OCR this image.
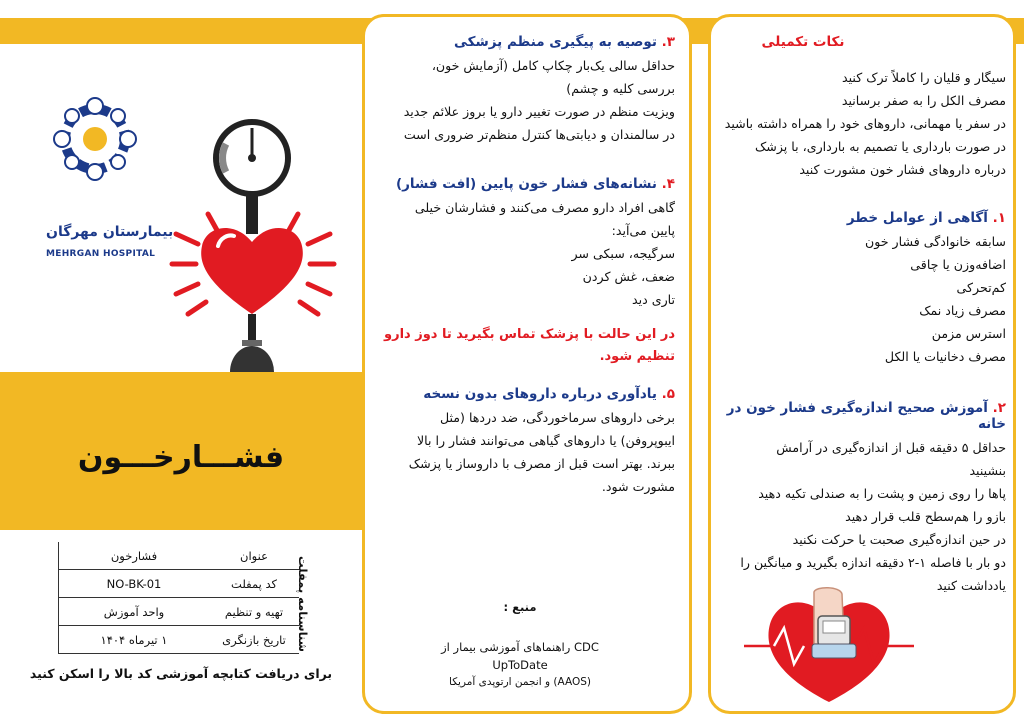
بیمارستان مهرگان
MEHRGAN HOSPITAL
فشـــارخـــون
شناسنامه پمفلت
عنوان	فشارخون
کد پمفلت	NO-BK-01
تهیه و تنظیم	واحد آموزش
تاریخ بازنگری	۱ تیرماه ۱۴۰۴
برای دریافت کتابچه آموزشی کد بالا را اسکن کنید

۳. توصیه به پیگیری منظم پزشکی

حداقل سالی یک‌بار چکاپ کامل (آزمایش خون،

بررسی کلیه و چشم)

ویزیت منظم در صورت تغییر دارو یا بروز علائم جدید

در سالمندان و دیابتی‌ها کنترل منظم‌تر ضروری است

۴. نشانه‌های فشار خون پایین (افت فشار)

گاهی افراد دارو مصرف می‌کنند و فشارشان خیلی

پایین می‌آید:

سرگیجه، سبکی سر

ضعف، غش کردن

تاری دید

در این حالت با پزشک تماس بگیرید تا دوز دارو تنظیم شود.

۵. یادآوری درباره داروهای بدون نسخه

برخی داروهای سرماخوردگی، ضد دردها (مثل

ایبوپروفن) یا داروهای گیاهی می‌توانند فشار را بالا

ببرند. بهتر است قبل از مصرف با داروساز یا پزشک

مشورت شود.

منبع :
راهنماهای آموزشی بیمار از CDC
UpToDate
و انجمن ارتوپدی آمریکا (AAOS)

نکات تکمیلی

سیگار و قلیان را کاملاً ترک کنید

مصرف الکل را به صفر برسانید

در سفر یا مهمانی، داروهای خود را همراه داشته باشید

در صورت بارداری یا تصمیم به بارداری، با پزشک

درباره داروهای فشار خون مشورت کنید

۱. آگاهی از عوامل خطر

سابقه خانوادگی فشار خون

اضافه‌وزن یا چاقی

کم‌تحرکی

مصرف زیاد نمک

استرس مزمن

مصرف دخانیات یا الکل

۲. آموزش صحیح اندازه‌گیری فشار خون در خانه

حداقل ۵ دقیقه قبل از اندازه‌گیری در آرامش

بنشینید

پاها را روی زمین و پشت را به صندلی تکیه دهید

بازو را هم‌سطح قلب قرار دهید

در حین اندازه‌گیری صحبت یا حرکت نکنید

دو بار با فاصله ۱-۲ دقیقه اندازه بگیرید و میانگین را

یادداشت کنید
